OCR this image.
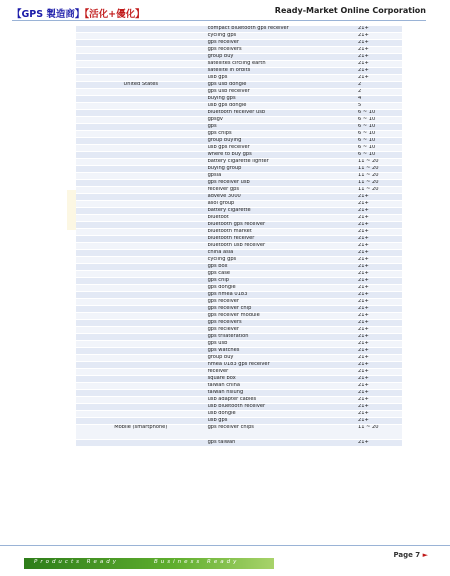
【GPS 製造商】【活化+優化】	Ready-Market Online Corporation
	compact bluetooth gps receiver	21+
	cycling gps	21+
	gps receiver	21+
	gps receivers	21+
	group buy	21+
	satellites circling earth	21+
	satellite in orbits	21+
	usb gps	21+
United States	gps usb dongle	2
	gps usb receiver	2
	buying gps	4
	usb gps dongle	5
	bluetooth receiver usb	6 ~ 10
	gpsgv	6 ~ 10
	gps	6 ~ 10
	gps chips	6 ~ 10
	group buying	6 ~ 10
	usb gps receiver	6 ~ 10
	where to buy gps	6 ~ 10
	battery cigarette lighter	11 ~ 20
	buying group	11 ~ 20
	gpsia	11 ~ 20
	gps receiver usb	11 ~ 20
	receiver gps	11 ~ 20
	adveve 3000	21+
	asoi group	21+
	battery cigarette	21+
	bluetoot	21+
	bluetooth gps receiver	21+
	bluetooth market	21+
	bluetooth receiver	21+
	bluetooth usb receiver	21+
	china asia	21+
	cycling gps	21+
	gps box	21+
	gps case	21+
	gps chip	21+
	gps dongle	21+
	gps nmea 0183	21+
	gps receiver	21+
	gps receiver chip	21+
	gps receiver module	21+
	gps receivers	21+
	gps reciever	21+
	gps trilateration	21+
	gps usb	21+
	gps watches	21+
	group buy	21+
	nmea 0183 gps receiver	21+
	receiver	21+
	square box	21+
	taiwan china	21+
	taiwan hsiung	21+
	usb adapter cables	21+
	usb bluetooth receiver	21+
	usb dongle	21+
	usb gps	21+
Mobile (smartphone)	gps receiver chips	11 ~ 20
	gps taiwan	21+
Page 7 ►
Products Ready	Business Ready
